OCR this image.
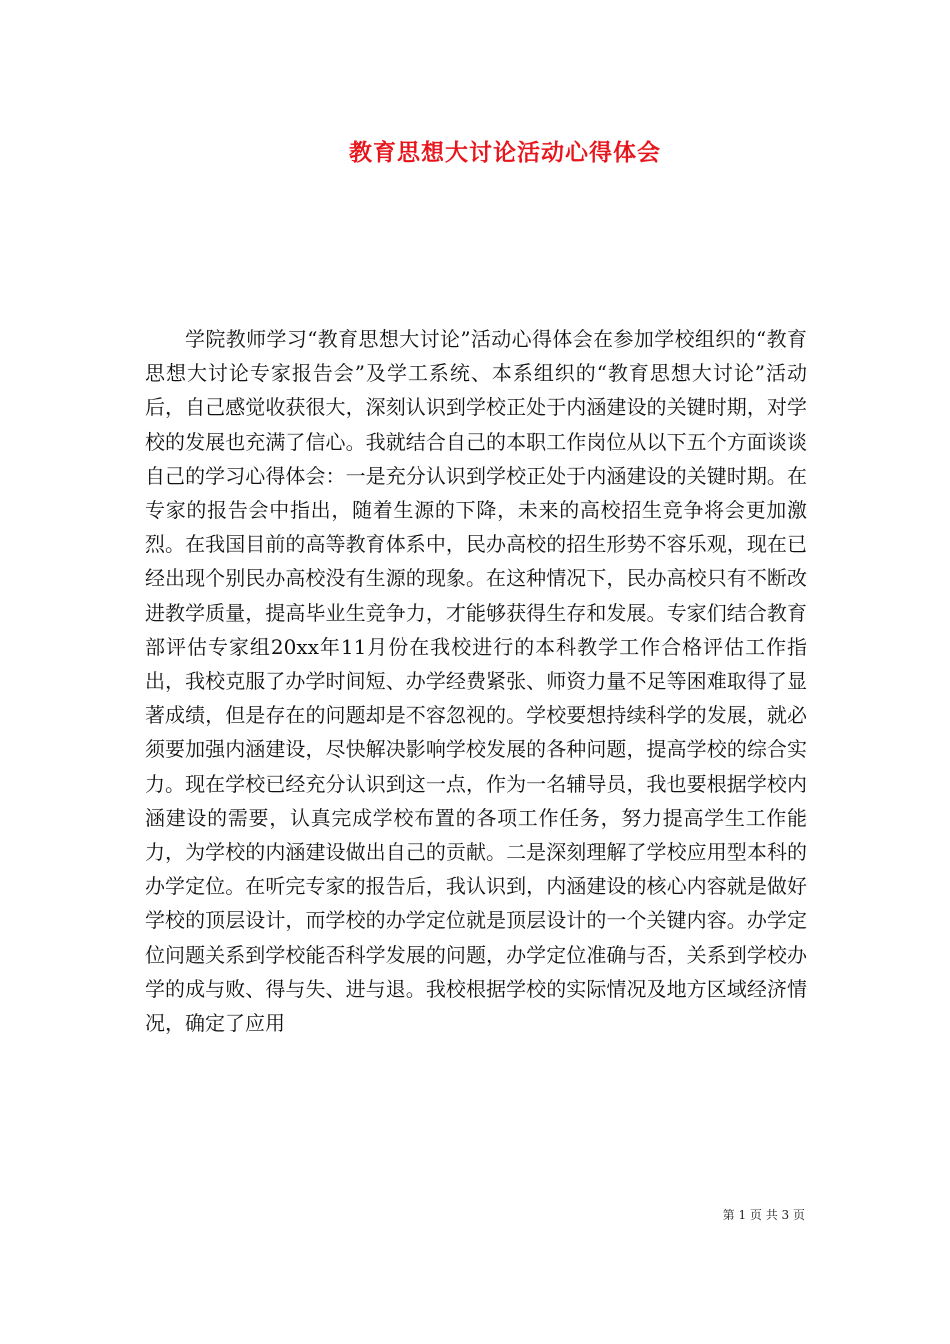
教育思想大讨论活动心得体会

学院教师学习“教育思想大讨论”活动心得体会在参加学校组织的“教育思想大讨论专家报告会”及学工系统、本系组织的“教育思想大讨论”活动后，自己感觉收获很大，深刻认识到学校正处于内涵建设的关键时期，对学校的发展也充满了信心。我就结合自己的本职工作岗位从以下五个方面谈谈自己的学习心得体会：一是充分认识到学校正处于内涵建设的关键时期。在专家的报告会中指出，随着生源的下降，未来的高校招生竞争将会更加激烈。在我国目前的高等教育体系中，民办高校的招生形势不容乐观，现在已经出现个别民办高校没有生源的现象。在这种情况下，民办高校只有不断改进教学质量，提高毕业生竞争力，才能够获得生存和发展。专家们结合教育部评估专家组20xx年11月份在我校进行的本科教学工作合格评估工作指出，我校克服了办学时间短、办学经费紧张、师资力量不足等困难取得了显著成绩，但是存在的问题却是不容忽视的。学校要想持续科学的发展，就必须要加强内涵建设，尽快解决影响学校发展的各种问题，提高学校的综合实力。现在学校已经充分认识到这一点，作为一名辅导员，我也要根据学校内涵建设的需要，认真完成学校布置的各项工作任务，努力提高学生工作能力，为学校的内涵建设做出自己的贡献。二是深刻理解了学校应用型本科的办学定位。在听完专家的报告后，我认识到，内涵建设的核心内容就是做好学校的顶层设计，而学校的办学定位就是顶层设计的一个关键内容。办学定位问题关系到学校能否科学发展的问题，办学定位准确与否，关系到学校办学的成与败、得与失、进与退。我校根据学校的实际情况及地方区域经济情况，确定了应用

第 1 页 共 3 页
